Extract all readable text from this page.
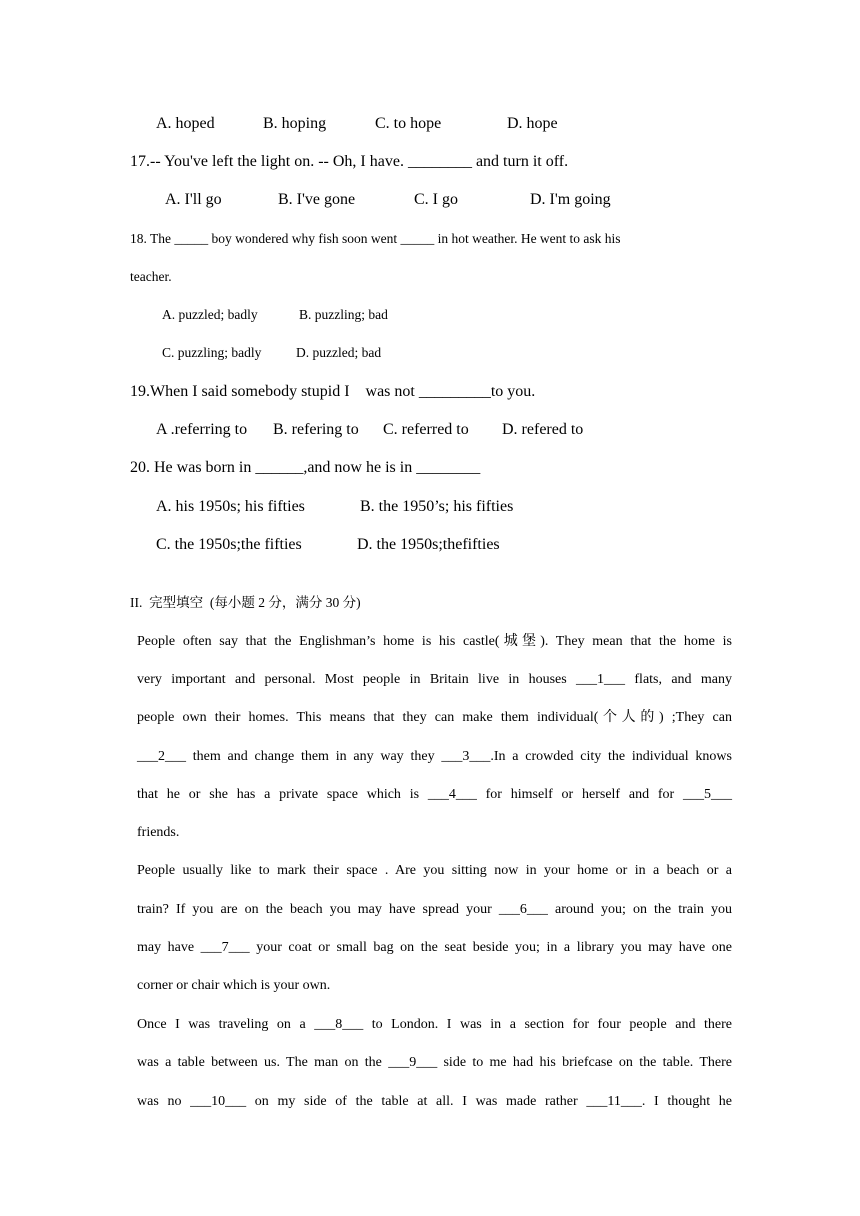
A. hoped	B. hoping	C. to hope	D. hope
17.-- You've left the light on. -- Oh, I have. ________ and turn it off.
A. I'll go	B. I've gone	C. I go	D. I'm going
18. The _____ boy wondered why fish soon went _____ in hot weather. He went to ask his
teacher.
A. puzzled; badly	B. puzzling; bad
C. puzzling; badly	D. puzzled; bad
19.When I said somebody stupid I    was not _________to you.
A .referring to B. refering to C. referred to D. refered to
20. He was born in ______,and now he is in ________
A. his 1950s; his fifties	B. the 1950’s; his fifties
C. the 1950s;the fifties	D. the 1950s;thefifties
II.  完型填空  (每小题 2 分，满分 30 分)
People often say that the Englishman’s home is his castle(城堡). They mean that the home is
very important and personal. Most people in Britain live in houses ___1___ flats, and many
people own their homes. This means that they can make them individual(个人的) ;They can
___2___ them and change them in any way they ___3___.In a crowded city the individual knows
that he or she has a private space which is ___4___ for himself or herself and for ___5___
friends.
People usually like to mark their space . Are you sitting now in your home or in a beach or a
train? If you are on the beach you may have spread your ___6___ around you; on the train you
may have ___7___ your coat or small bag on the seat beside you; in a library you may have one
corner or chair which is your own.
Once I was traveling on a ___8___ to London. I was in a section for four people and there
was a table between us. The man on the ___9___ side to me had his briefcase on the table. There
was no ___10___ on my side of the table at all. I was made rather ___11___. I thought he
